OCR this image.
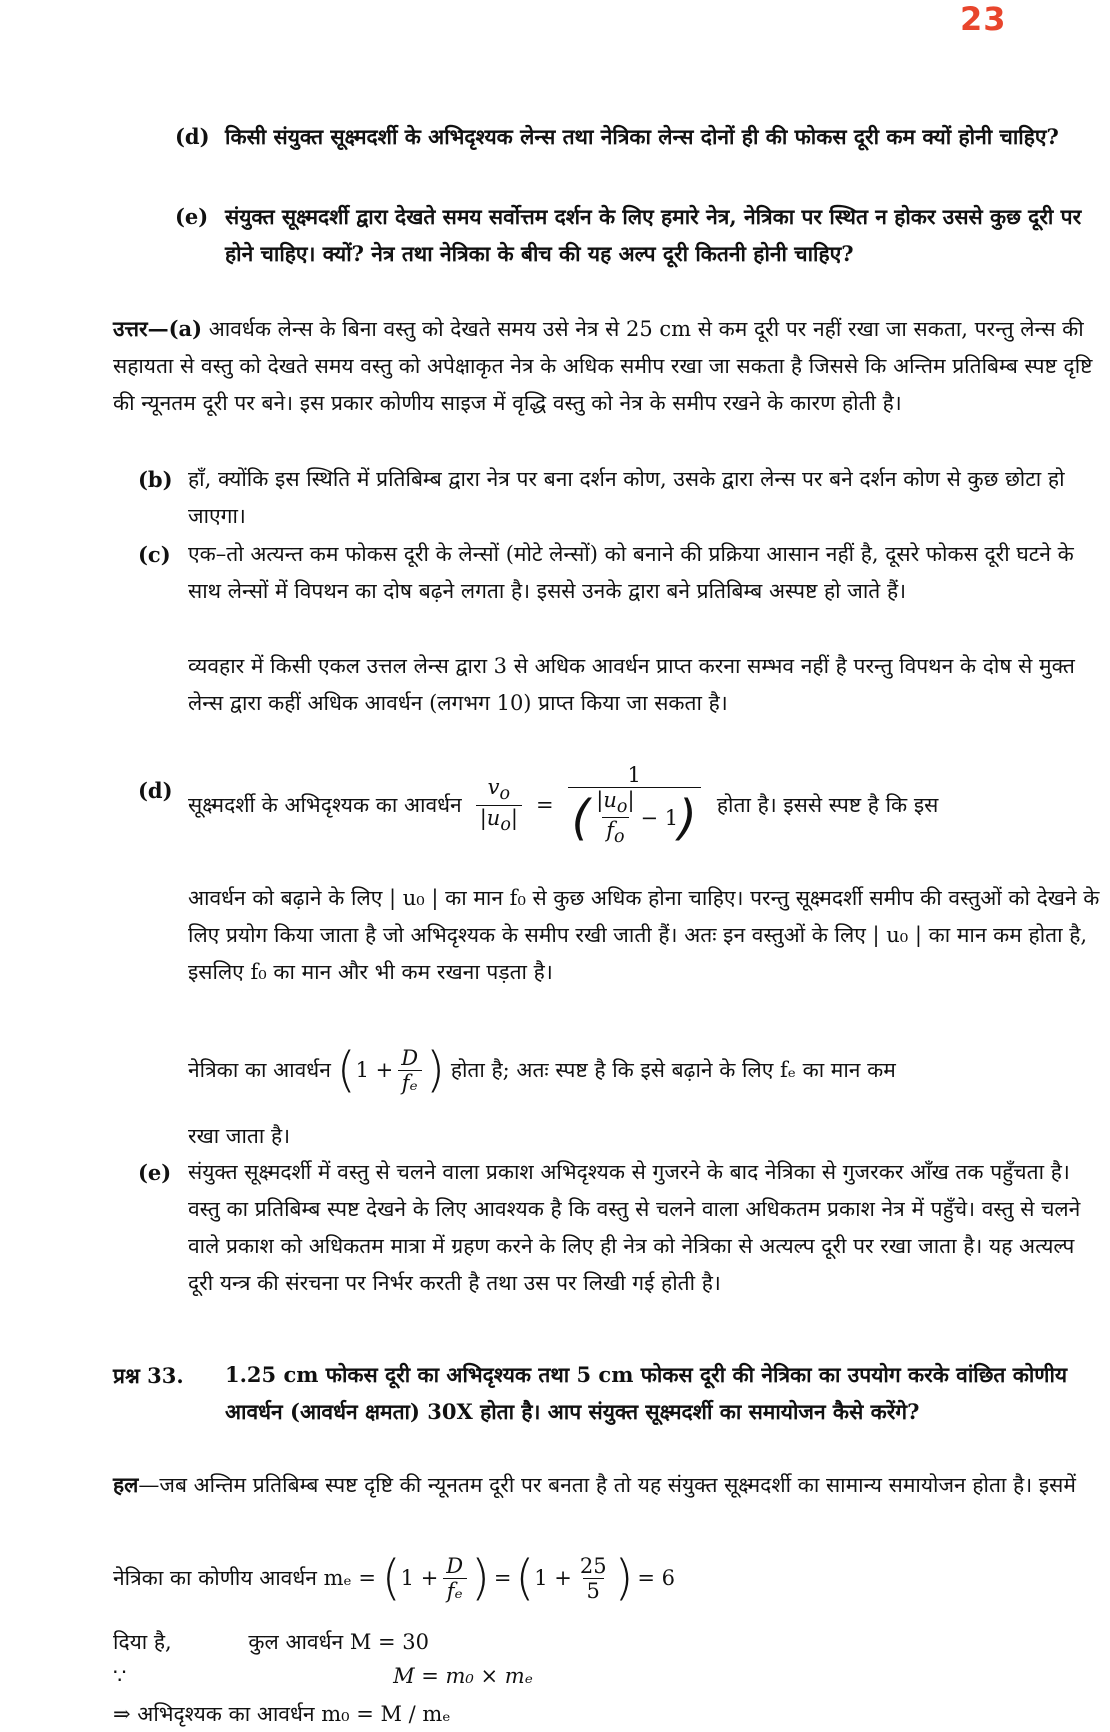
23
(d) किसी संयुक्त सूक्ष्मदर्शी के अभिदृश्यक लेन्स तथा नेत्रिका लेन्स दोनों ही की फोकस दूरी कम क्यों होनी चाहिए?
(e) संयुक्त सूक्ष्मदर्शी द्वारा देखते समय सर्वोत्तम दर्शन के लिए हमारे नेत्र, नेत्रिका पर स्थित न होकर उससे कुछ दूरी पर होने चाहिए। क्यों? नेत्र तथा नेत्रिका के बीच की यह अल्प दूरी कितनी होनी चाहिए?
उत्तर—(a) आवर्धक लेन्स के बिना वस्तु को देखते समय उसे नेत्र से 25 cm से कम दूरी पर नहीं रखा जा सकता, परन्तु लेन्स की सहायता से वस्तु को देखते समय वस्तु को अपेक्षाकृत नेत्र के अधिक समीप रखा जा सकता है जिससे कि अन्तिम प्रतिबिम्ब स्पष्ट दृष्टि की न्यूनतम दूरी पर बने। इस प्रकार कोणीय साइज में वृद्धि वस्तु को नेत्र के समीप रखने के कारण होती है।
(b) हाँ, क्योंकि इस स्थिति में प्रतिबिम्ब द्वारा नेत्र पर बना दर्शन कोण, उसके द्वारा लेन्स पर बने दर्शन कोण से कुछ छोटा हो जाएगा।
(c) एक–तो अत्यन्त कम फोकस दूरी के लेन्सों (मोटे लेन्सों) को बनाने की प्रक्रिया आसान नहीं है, दूसरे फोकस दूरी घटने के साथ लेन्सों में विपथन का दोष बढ़ने लगता है। इससे उनके द्वारा बने प्रतिबिम्ब अस्पष्ट हो जाते हैं।
व्यवहार में किसी एकल उत्तल लेन्स द्वारा 3 से अधिक आवर्धन प्राप्त करना सम्भव नहीं है परन्तु विपथन के दोष से मुक्त लेन्स द्वारा कहीं अधिक आवर्धन (लगभग 10) प्राप्त किया जा सकता है।
(d)
सूक्ष्मदर्शी के अभिदृश्यक का आवर्धन $\frac{v_o}{|u_o|} = \frac{1}{( \frac{|u_o|}{f_o} - 1 )}$ होता है। इससे स्पष्ट है कि इस
आवर्धन को बढ़ाने के लिए | u₀ | का मान f₀ से कुछ अधिक होना चाहिए। परन्तु सूक्ष्मदर्शी समीप की वस्तुओं को देखने के लिए प्रयोग किया जाता है जो अभिदृश्यक के समीप रखी जाती हैं। अतः इन वस्तुओं के लिए | u₀ | का मान कम होता है, इसलिए f₀ का मान और भी कम रखना पड़ता है।
नेत्रिका का आवर्धन ( $1 + \frac{D}{\text{fₑ}}$ ) होता है; अतः स्पष्ट है कि इसे बढ़ाने के लिए fₑ का मान कम
रखा जाता है।
(e) संयुक्त सूक्ष्मदर्शी में वस्तु से चलने वाला प्रकाश अभिदृश्यक से गुजरने के बाद नेत्रिका से गुजरकर आँख तक पहुँचता है। वस्तु का प्रतिबिम्ब स्पष्ट देखने के लिए आवश्यक है कि वस्तु से चलने वाला अधिकतम प्रकाश नेत्र में पहुँचे। वस्तु से चलने वाले प्रकाश को अधिकतम मात्रा में ग्रहण करने के लिए ही नेत्र को नेत्रिका से अत्यल्प दूरी पर रखा जाता है। यह अत्यल्प दूरी यन्त्र की संरचना पर निर्भर करती है तथा उस पर लिखी गई होती है।
प्रश्न 33. 1.25 cm फोकस दूरी का अभिदृश्यक तथा 5 cm फोकस दूरी की नेत्रिका का उपयोग करके वांछित कोणीय आवर्धन (आवर्धन क्षमता) 30X होता है। आप संयुक्त सूक्ष्मदर्शी का समायोजन कैसे करेंगे?
हल—जब अन्तिम प्रतिबिम्ब स्पष्ट दृष्टि की न्यूनतम दूरी पर बनता है तो यह संयुक्त सूक्ष्मदर्शी का सामान्य समायोजन होता है। इसमें
नेत्रिका का कोणीय आवर्धन mₑ = ( $1 + \frac{D}{\text{fₑ}}$ ) = ( $1 + \frac{25}{5}$ ) = 6
दिया है,	कुल आवर्धन M = 30
∵	M = m₀ × mₑ
⇒ अभिदृश्यक का आवर्धन m₀ = M / mₑ
